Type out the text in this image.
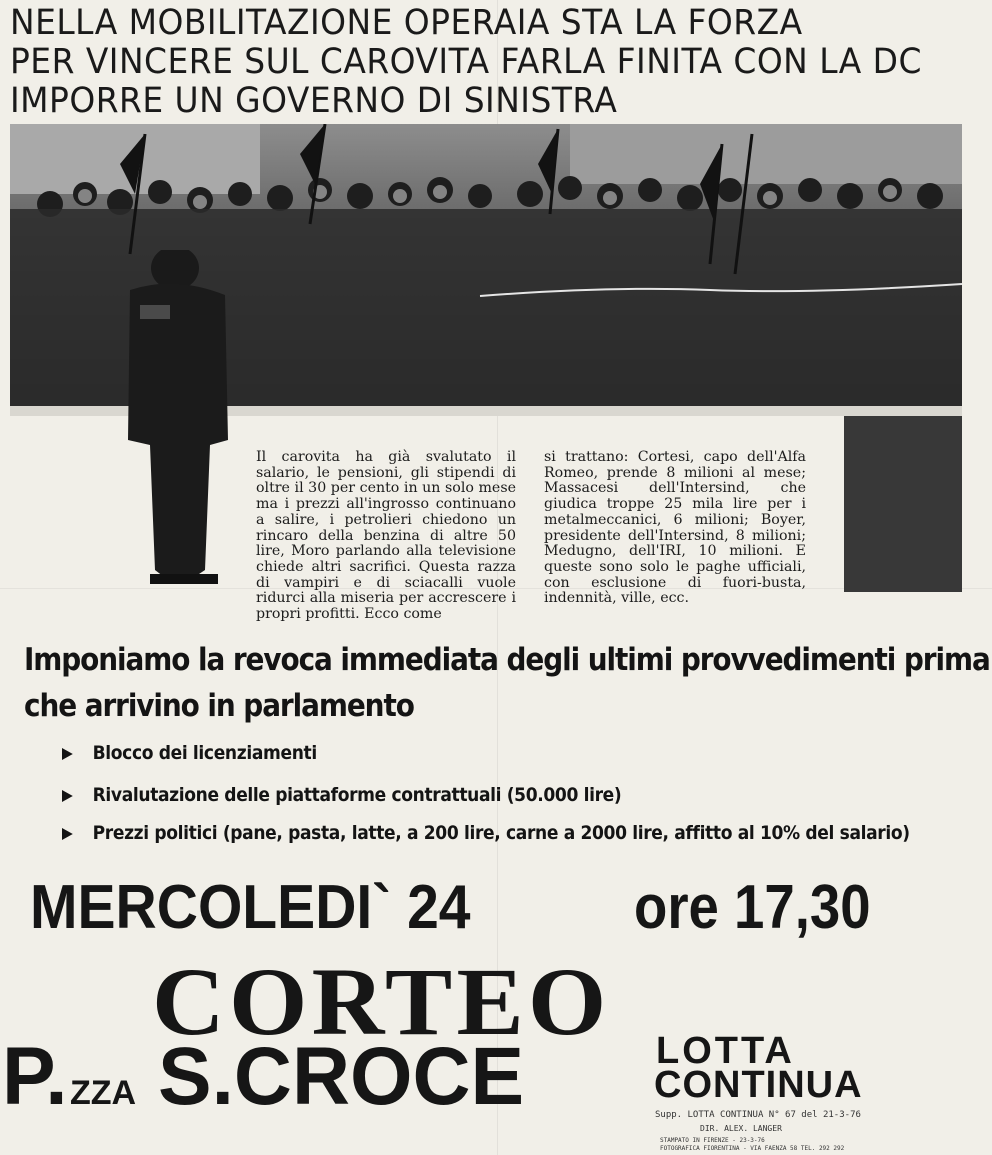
NELLA MOBILITAZIONE OPERAIA STA LA FORZA
PER VINCERE SUL CAROVITA FARLA FINITA CON LA DC
IMPORRE UN GOVERNO DI SINISTRA
Il carovita ha già svalutato il salario, le pensioni, gli stipendi di oltre il 30 per cento in un solo mese ma i prezzi all'ingrosso continuano a salire, i petrolieri chiedono un rincaro della benzina di altre 50 lire, Moro parlando alla televisione chiede altri sacrifici. Questa razza di vampiri e di sciacalli vuole ridurci alla miseria per accrescere i propri profitti. Ecco come
si trattano: Cortesi, capo dell'Alfa Romeo, prende 8 milioni al mese; Massacesi dell'Intersind, che giudica troppe 25 mila lire per i metalmeccanici, 6 milioni; Boyer, presidente dell'Intersind, 8 milioni; Medugno, dell'IRI, 10 milioni. E queste sono solo le paghe ufficiali, con esclusione di fuori-busta, indennità, ville, ecc.
Imponiamo la revoca immediata degli ultimi provvedimenti prima
che arrivino in parlamento
Blocco dei licenziamenti
Rivalutazione delle piattaforme contrattuali (50.000 lire)
Prezzi politici (pane, pasta, latte, a 200 lire, carne a 2000 lire, affitto al 10% del salario)
MERCOLEDI` 24	ore 17,30
CORTEO
P. ZZA S.CROCE	LOTTA
CONTINUA
Supp. LOTTA CONTINUA N° 67 del 21-3-76
DIR. ALEX. LANGER
STAMPATO IN FIRENZE - 23-3-76
FOTOGRAFICA FIORENTINA - VIA FAENZA 58 TEL. 292 292
